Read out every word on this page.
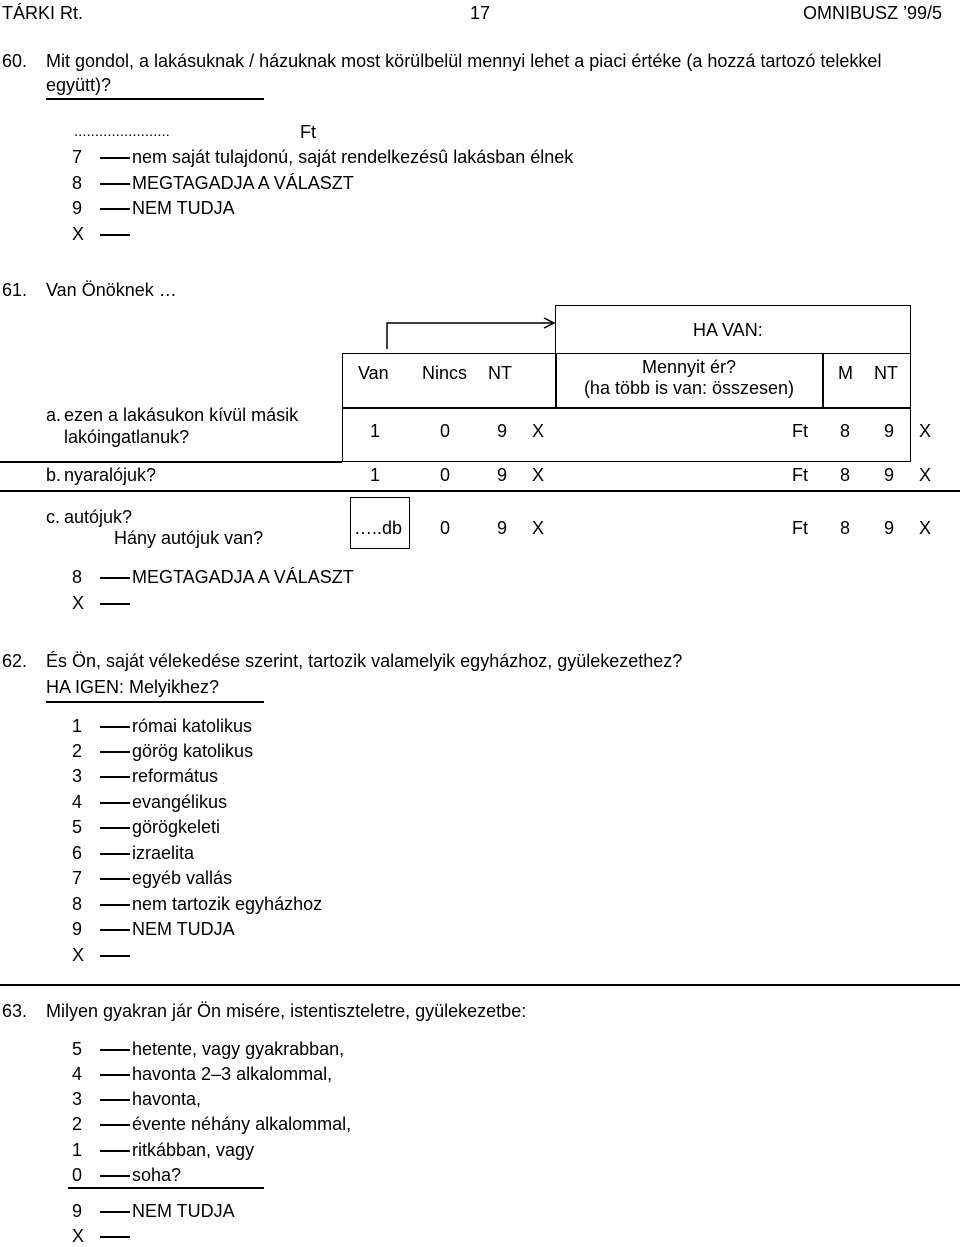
TÁRKI Rt.	17	OMNIBUSZ ’99/5
60. Mit gondol, a lakásuknak / házuknak most körülbelül mennyi lehet a piaci értéke (a hozzá tartozó telekkel
együtt)?
.......................	Ft
7	nem saját tulajdonú, saját rendelkezésû lakásban élnek
8	MEGTAGADJA A VÁLASZT
9	NEM TUDJA
X
61. Van Önöknek …
HA VAN:
Van Nincs NT	Mennyit ér?
(ha több is van: összesen)
M NT
a. ezen a lakásukon kívül másik
lakóingatlanuk?	1	0	9 X	Ft 8 9 X
b. nyaralójuk?	1	0	9 X	Ft 8 9 X
c. autójuk?
Hány autójuk van?	…..db 0	9 X	Ft 8 9 X
8	MEGTAGADJA A VÁLASZT
X
62. És Ön, saját vélekedése szerint, tartozik valamelyik egyházhoz, gyülekezethez?
HA IGEN: Melyikhez?
1	római katolikus
2	görög katolikus
3	református
4	evangélikus
5	görögkeleti
6	izraelita
7	egyéb vallás
8	nem tartozik egyházhoz
9	NEM TUDJA
X
63. Milyen gyakran jár Ön misére, istentiszteletre, gyülekezetbe:
5	hetente, vagy gyakrabban,
4	havonta 2–3 alkalommal,
3	havonta,
2	évente néhány alkalommal,
1	ritkábban, vagy
0	soha?
9	NEM TUDJA
X
